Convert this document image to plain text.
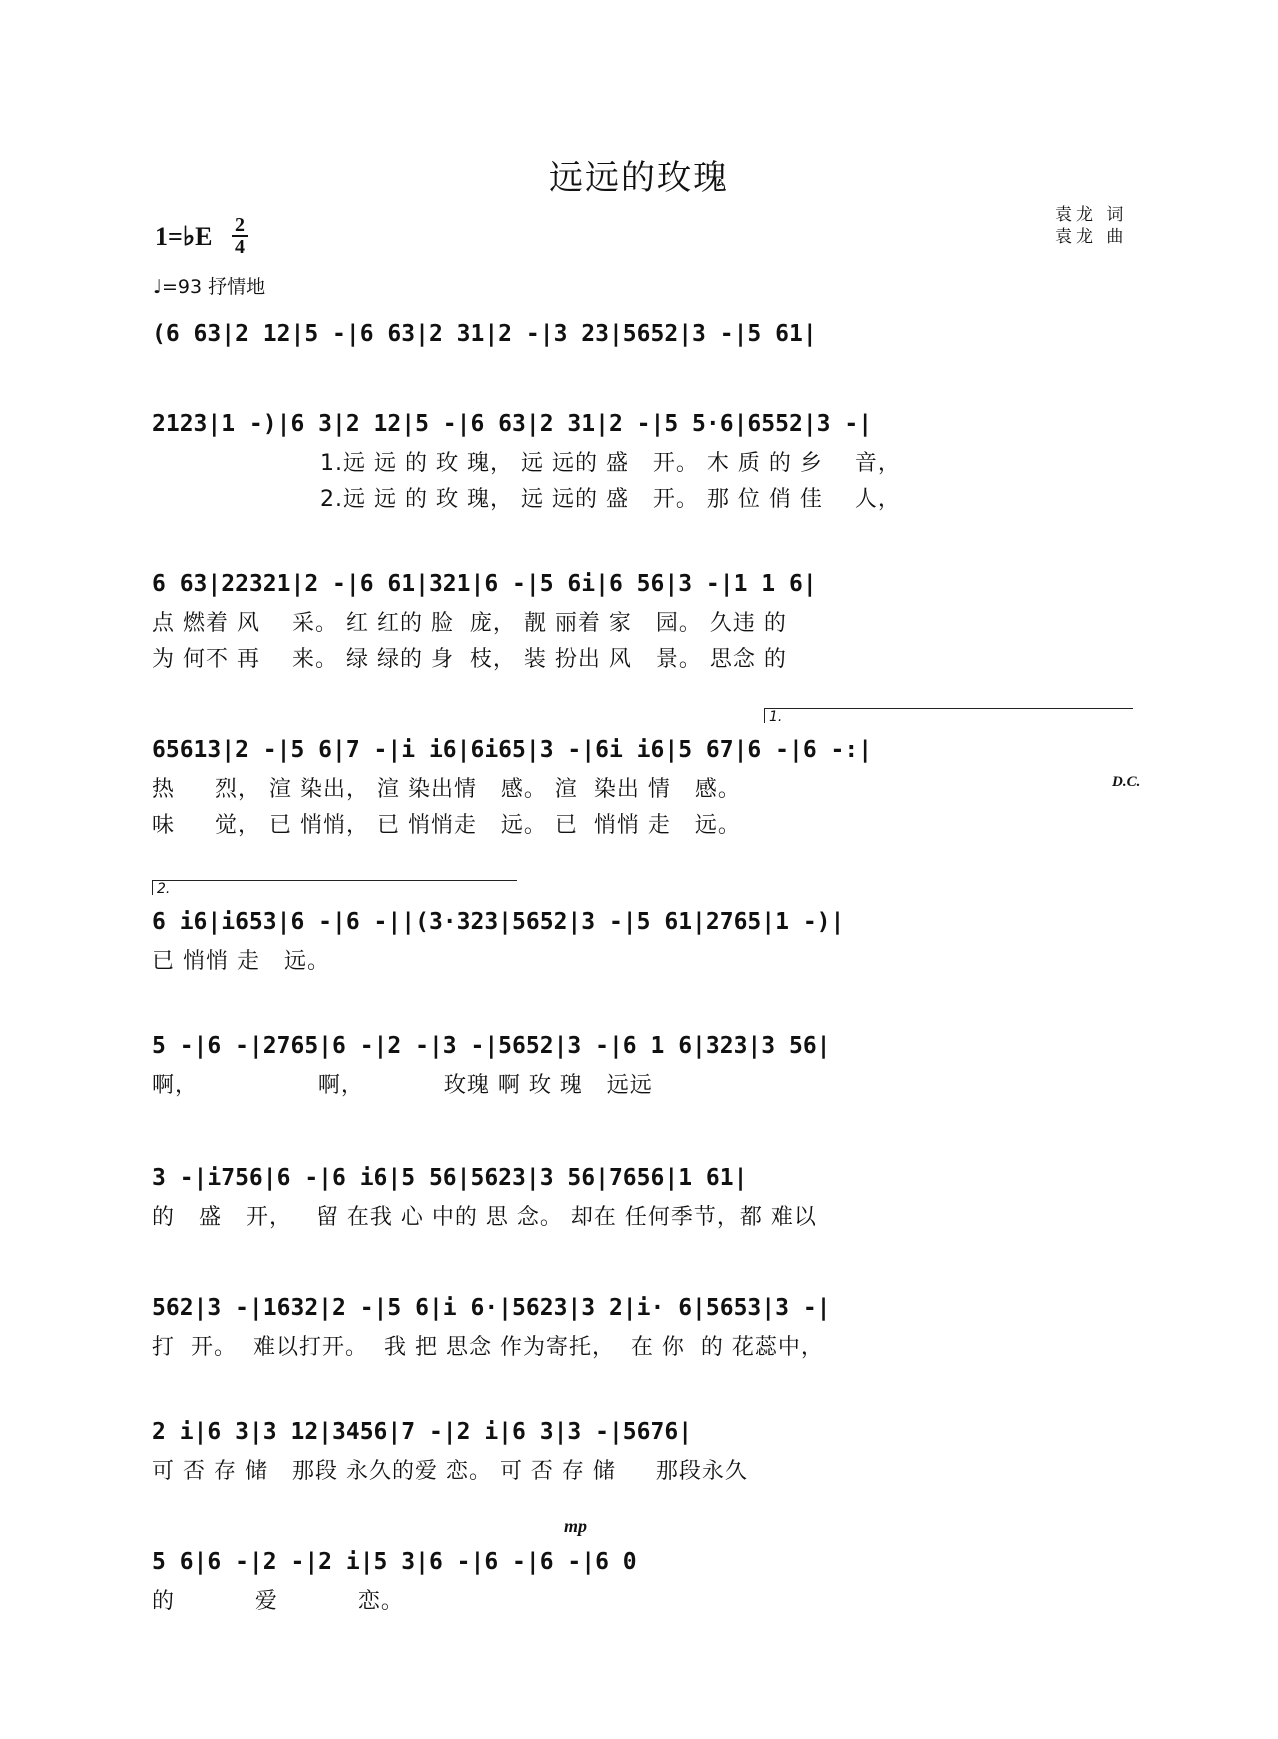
远远的玫瑰
1=♭E 2
4
♩=93 抒情地
袁龙 词
袁龙 曲
(6 63|2 12|5 -|6 63|2 31|2 -|3 23|5652|3 -|5 61|
2123|1 -)|6 3|2 12|5 -|6 63|2 31|2 -|5 5·6|6552|3 -|
1.远 远 的 玫 瑰， 远 远的 盛   开。 木 质 的 乡    音，
2.远 远 的 玫 瑰， 远 远的 盛   开。 那 位 俏 佳    人，
6 63|22321|2 -|6 61|321|6 -|5 6i|6 56|3 -|1 1 6|
点 燃着 风    采。 红 红的 脸  庞， 靓 丽着 家   园。 久违 的
为 何不 再    来。 绿 绿的 身  枝， 装 扮出 风   景。 思念 的
1.
65613|2 -|5 6|7 -|i i6|6i65|3 -|6i i6|5 67|6 -|6 -:|
D.C.
热     烈， 渲 染出， 渲 染出情   感。 渲  染出 情   感。
味     觉， 已 悄悄， 已 悄悄走   远。 已  悄悄 走   远。
2.
6 i6|i653|6 -|6 -||(3·323|5652|3 -|5 61|2765|1 -)|
已 悄悄 走   远。
5 -|6 -|2765|6 -|2 -|3 -|5652|3 -|6 1 6|323|3 56|
啊，               啊，          玫瑰 啊 玫 瑰   远远
3 -|i756|6 -|6 i6|5 56|5623|3 56|7656|1 61|
的   盛   开，   留 在我 心 中的 思 念。 却在 任何季节，都 难以
562|3 -|1632|2 -|5 6|i 6·|5623|3 2|i· 6|5653|3 -|
打  开。  难以打开。  我 把 思念 作为寄托，  在 你  的 花蕊中，
2 i|6 3|3 12|3456|7 -|2 i|6 3|3 -|5676|
可 否 存 储   那段 永久的爱 恋。 可 否 存 储     那段永久
mp
5 6|6 -|2 -|2 i|5 3|6 -|6 -|6 -|6 0
的          爱          恋。
